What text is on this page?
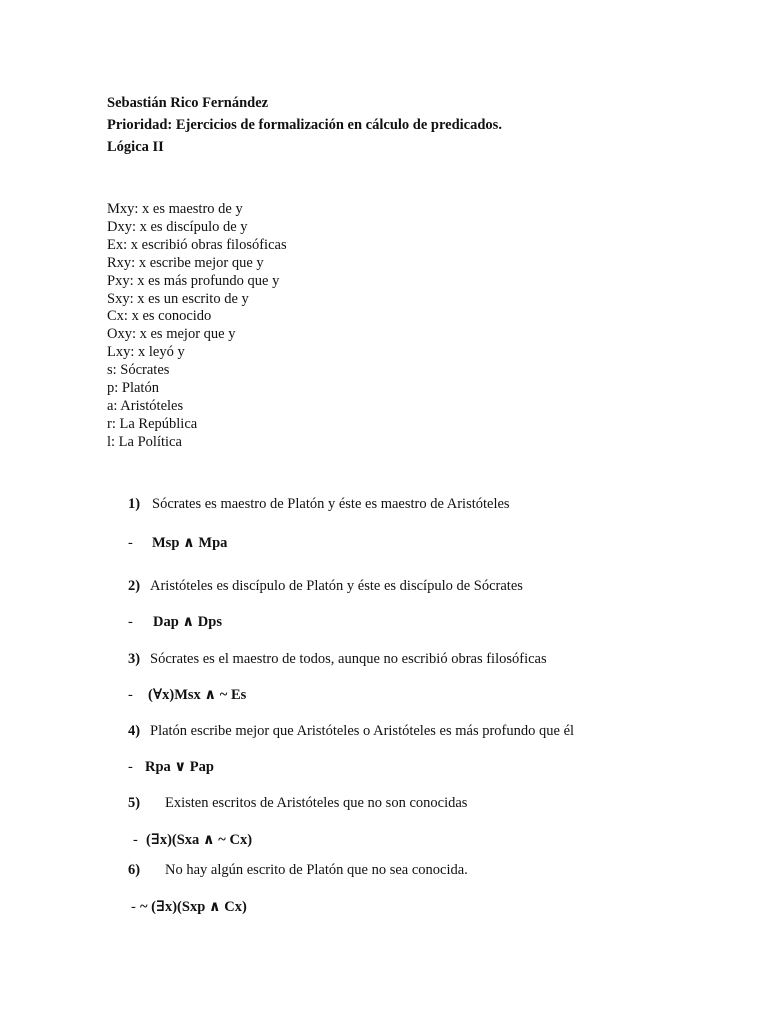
Sebastián Rico Fernández
Prioridad: Ejercicios de formalización en cálculo de predicados.
Lógica II
Mxy: x es maestro de y
Dxy: x es discípulo de y
Ex: x escribió obras filosóficas
Rxy: x escribe mejor que y
Pxy: x es más profundo que y
Sxy: x es un escrito de y
Cx: x es conocido
Oxy: x es mejor que y
Lxy: x leyó y
s: Sócrates
p: Platón
a: Aristóteles
r: La República
l: La Política
1) Sócrates es maestro de Platón y éste es maestro de Aristóteles
- Msp ∧ Mpa
2) Aristóteles es discípulo de Platón y éste es discípulo de Sócrates
- Dap ∧ Dps
3) Sócrates es el maestro de todos, aunque no escribió obras filosóficas
- (∀x)Msx ∧ ~ Es
4) Platón escribe mejor que Aristóteles o Aristóteles es más profundo que él
- Rpa ∨ Pap
5) Existen escritos de Aristóteles que no son conocidas
- (∃x)(Sxa ∧ ~ Cx)
6) No hay algún escrito de Platón que no sea conocida.
- ~ (∃x)(Sxp ∧ Cx)
